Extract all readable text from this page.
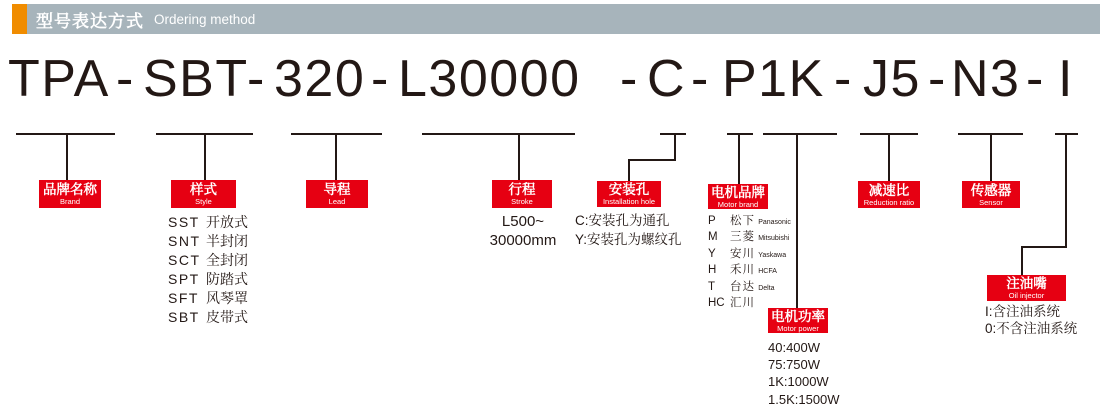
型号表达方式 Ordering method
TPA - SBT
- 320 - L30000 - C - P1K - J5 - N3 - I
品牌名称
Brand
样式
Style
导程
Lead
行程
Stroke
安装孔
Installation hole
电机品牌
Motor brand
减速比
Reduction ratio
传感器
Sensor
电机功率
Motor power
注油嘴
Oil injector
SST 开放式
SNT 半封闭
SCT 全封闭
SPT 防踏式
SFT 风琴罩
SBT 皮带式
L500~
30000mm
C:安装孔为通孔
Y:安装孔为螺纹孔
P 松下 Panasonic
M 三菱 Mitsubishi
Y 安川 Yaskawa
H 禾川 HCFA
T 台达 Delta
HC 汇川
40:400W
75:750W
1K:1000W
1.5K:1500W
I:含注油系统
0:不含注油系统
